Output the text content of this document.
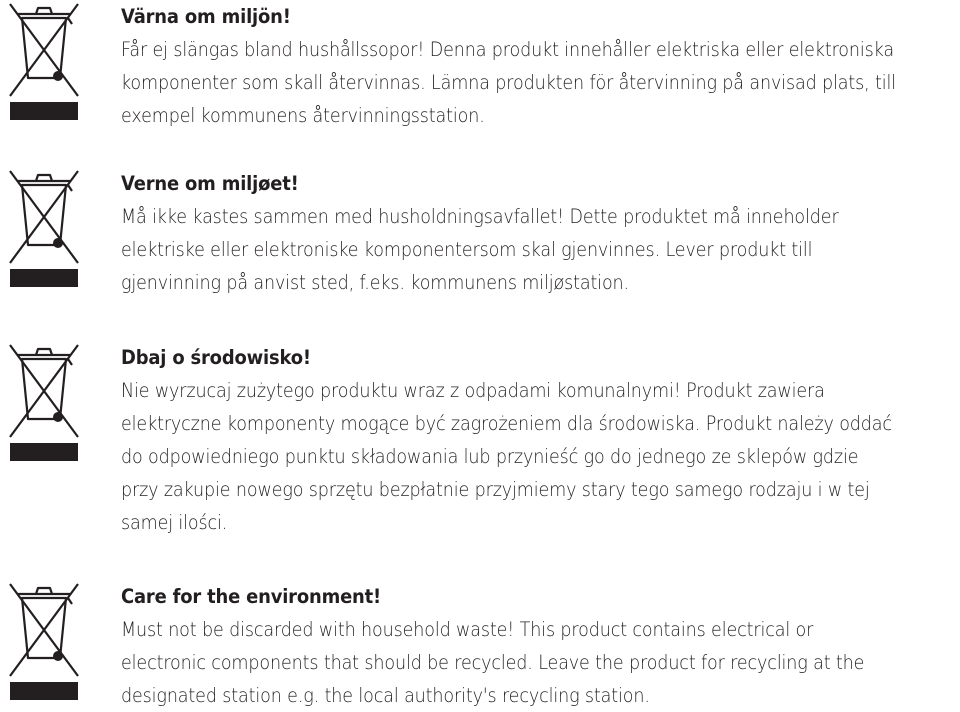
Värna om miljön!
Får ej slängas bland hushållssopor! Denna produkt innehåller elektriska eller elektroniska
komponenter som skall återvinnas. Lämna produkten för återvinning på anvisad plats, till
exempel kommunens återvinningsstation.
Verne om miljøet!
Må ikke kastes sammen med husholdningsavfallet! Dette produktet må inneholder
elektriske eller elektroniske komponentersom skal gjenvinnes. Lever produkt till
gjenvinning på anvist sted, f.eks. kommunens miljøstation.
Dbaj o środowisko!
Nie wyrzucaj zużytego produktu wraz z odpadami komunalnymi! Produkt zawiera
elektryczne komponenty mogące być zagrożeniem dla środowiska. Produkt należy oddać
do odpowiedniego punktu składowania lub przynieść go do jednego ze sklepów gdzie
przy zakupie nowego sprzętu bezpłatnie przyjmiemy stary tego samego rodzaju i w tej
samej ilości.
Care for the environment!
Must not be discarded with household waste! This product contains electrical or
electronic components that should be recycled. Leave the product for recycling at the
designated station e.g. the local authority's recycling station.
